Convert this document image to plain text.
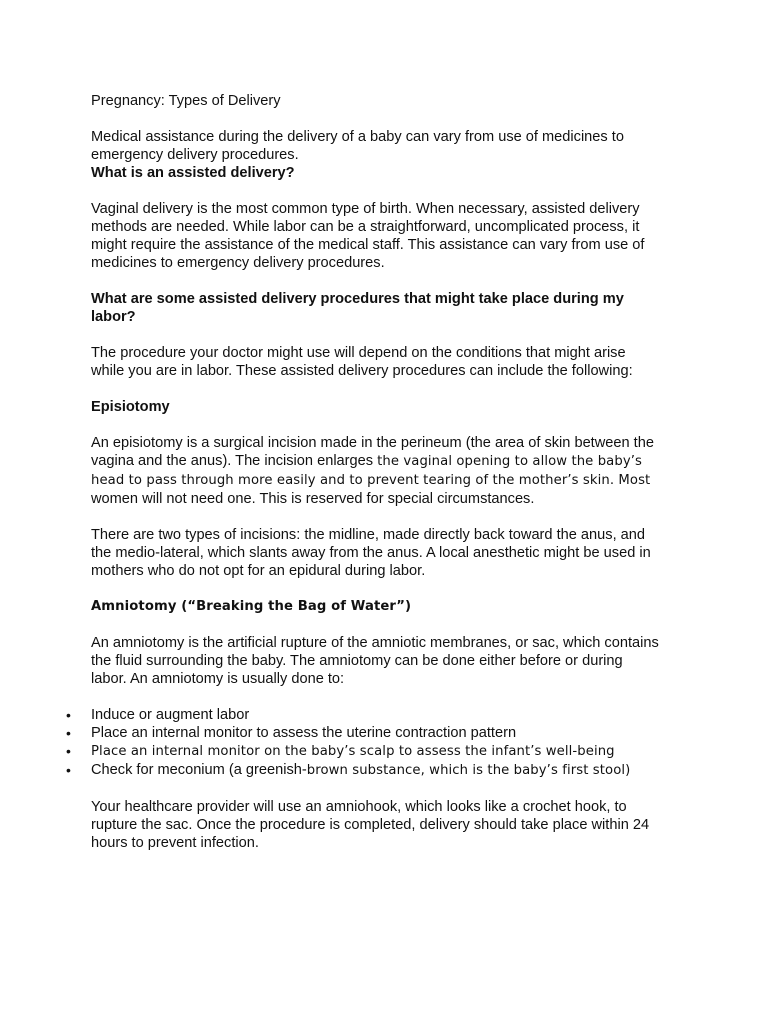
Pregnancy: Types of Delivery

Medical assistance during the delivery of a baby can vary from use of medicines to
emergency delivery procedures.

What is an assisted delivery?

Vaginal delivery is the most common type of birth. When necessary, assisted delivery
methods are needed. While labor can be a straightforward, uncomplicated process, it
might require the assistance of the medical staff. This assistance can vary from use of
medicines to emergency delivery procedures.

What are some assisted delivery procedures that might take place during my
labor?

The procedure your doctor might use will depend on the conditions that might arise
while you are in labor. These assisted delivery procedures can include the following:

Episiotomy

An episiotomy is a surgical incision made in the perineum (the area of skin between the
vagina and the anus). The incision enlarges the vaginal opening to allow the baby’s
head to pass through more easily and to prevent tearing of the mother’s skin. Most
women will not need one. This is reserved for special circumstances.

There are two types of incisions: the midline, made directly back toward the anus, and
the medio-lateral, which slants away from the anus. A local anesthetic might be used in
mothers who do not opt for an epidural during labor.

Amniotomy (“Breaking the Bag of Water”)

An amniotomy is the artificial rupture of the amniotic membranes, or sac, which contains
the fluid surrounding the baby. The amniotomy can be done either before or during
labor. An amniotomy is usually done to:

• Induce or augment labor
• Place an internal monitor to assess the uterine contraction pattern
• Place an internal monitor on the baby’s scalp to assess the infant’s well-being
• Check for meconium (a greenish-brown substance, which is the baby’s first stool)

Your healthcare provider will use an amniohook, which looks like a crochet hook, to
rupture the sac. Once the procedure is completed, delivery should take place within 24
hours to prevent infection.
